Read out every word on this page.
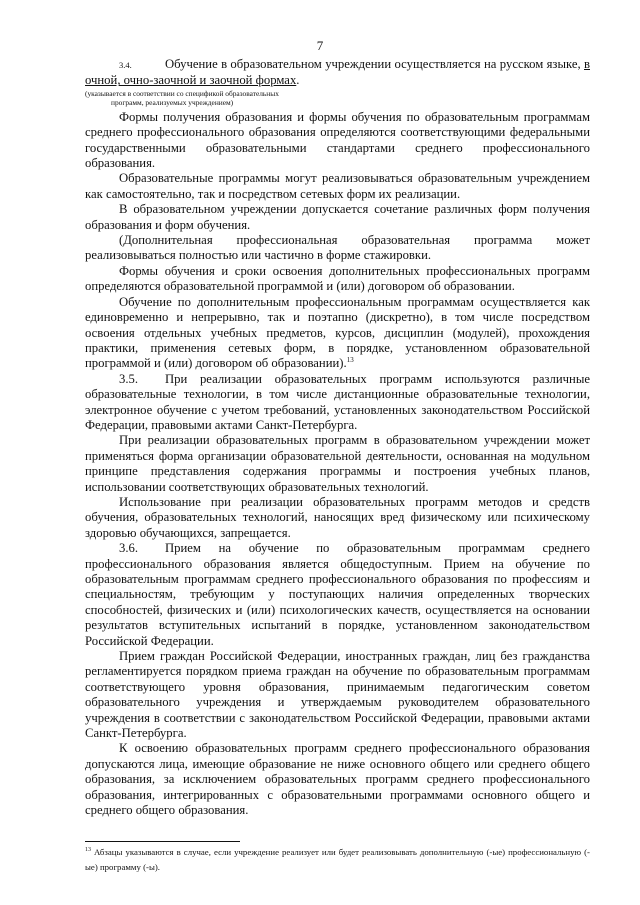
7

3.4.	Обучение в образовательном учреждении осуществляется на русском языке, в очной, очно-заочной и заочной формах.

(указывается в соответствии со спецификой образовательных
программ, реализуемых учреждением)

Формы получения образования и формы обучения по образовательным программам среднего профессионального образования определяются соответствующими федеральными государственными образовательными стандартами среднего профессионального образования.

Образовательные программы могут реализовываться образовательным учреждением как самостоятельно, так и посредством сетевых форм их реализации.

В образовательном учреждении допускается сочетание различных форм получения образования и форм обучения.

(Дополнительная профессиональная образовательная программа может реализовываться полностью или частично в форме стажировки.

Формы обучения и сроки освоения дополнительных профессиональных программ определяются образовательной программой и (или) договором об образовании.

Обучение по дополнительным профессиональным программам осуществляется как единовременно и непрерывно, так и поэтапно (дискретно), в том числе посредством освоения отдельных учебных предметов, курсов, дисциплин (модулей), прохождения практики, применения сетевых форм, в порядке, установленном образовательной программой и (или) договором об образовании).$^{13}$

3.5. При реализации образовательных программ используются различные образовательные технологии, в том числе дистанционные образовательные технологии, электронное обучение с учетом требований, установленных законодательством Российской Федерации, правовыми актами Санкт-Петербурга.

При реализации образовательных программ в образовательном учреждении может применяться форма организации образовательной деятельности, основанная на модульном принципе представления содержания программы и построения учебных планов, использовании соответствующих образовательных технологий.

Использование при реализации образовательных программ методов и средств обучения, образовательных технологий, наносящих вред физическому или психическому здоровью обучающихся, запрещается.

3.6. Прием на обучение по образовательным программам среднего профессионального образования является общедоступным. Прием на обучение по образовательным программам среднего профессионального образования по профессиям и специальностям, требующим у поступающих наличия определенных творческих способностей, физических и (или) психологических качеств, осуществляется на основании результатов вступительных испытаний в порядке, установленном законодательством Российской Федерации.

Прием граждан Российской Федерации, иностранных граждан, лиц без гражданства регламентируется порядком приема граждан на обучение по образовательным программам соответствующего уровня образования, принимаемым педагогическим советом образовательного учреждения и утверждаемым руководителем образовательного учреждения в соответствии с законодательством Российской Федерации, правовыми актами Санкт-Петербурга.

К освоению образовательных программ среднего профессионального образования допускаются лица, имеющие образование не ниже основного общего или среднего общего образования, за исключением образовательных программ среднего профессионального образования, интегрированных с образовательными программами основного общего и среднего общего образования.

$^{13}$ Абзацы указываются в случае, если учреждение реализует или будет реализовывать дополнительную (-ые) профессиональную (-ые) программу (-ы).
